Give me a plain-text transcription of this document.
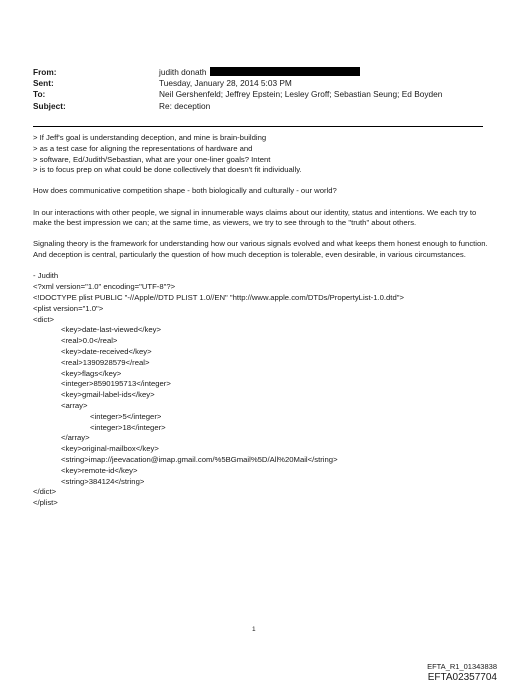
From:	judith donath
Sent:	Tuesday, January 28, 2014 5:03 PM
To:	Neil Gershenfeld; Jeffrey Epstein; Lesley Groff; Sebastian Seung; Ed Boyden
Subject:	Re: deception

> If Jeff's goal is understanding deception, and mine is brain-building
> as a test case for aligning the representations of hardware and
> software, Ed/Judith/Sebastian, what are your one-liner goals? Intent
> is to focus prep on what could be done collectively that doesn't fit individually.

How does communicative competition shape - both biologically and culturally - our world?

In our interactions with other people, we signal in innumerable ways claims about our identity, status and intentions. We each try to make the best impression we can; at the same time, as viewers, we try to see through to the "truth" about others.

Signaling theory is the framework for understanding how our various signals evolved and what keeps them honest enough to function. And deception is central, particularly the question of how much deception is tolerable, even desirable, in various circumstances.

- Judith
<?xml version="1.0" encoding="UTF-8"?>
<!DOCTYPE plist PUBLIC "-//Apple//DTD PLIST 1.0//EN" "http://www.apple.com/DTDs/PropertyList-1.0.dtd">
<plist version="1.0">
<dict>
<key>date-last-viewed</key>
<real>0.0</real>
<key>date-received</key>
<real>1390928579</real>
<key>flags</key>
<integer>8590195713</integer>
<key>gmail-label-ids</key>
<array>
<integer>5</integer>
<integer>18</integer>
</array>
<key>original-mailbox</key>
<string>imap://jeevacation@imap.gmail.com/%5BGmail%5D/All%20Mail</string>
<key>remote-id</key>
<string>384124</string>
</dict>
</plist>
1
EFTA_R1_01343838
EFTA02357704
